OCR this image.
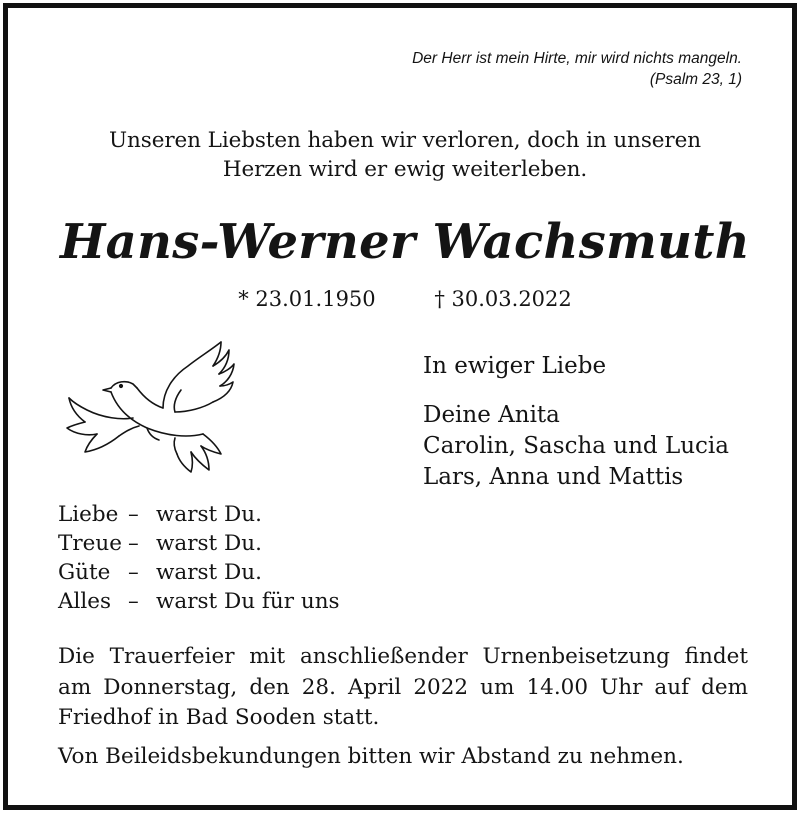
Der Herr ist mein Hirte, mir wird nichts mangeln.
(Psalm 23, 1)
Unseren Liebsten haben wir verloren, doch in unseren
Herzen wird er ewig weiterleben.
Hans-Werner Wachsmuth
* 23.01.1950	† 30.03.2022
In ewiger Liebe
Deine Anita
Carolin, Sascha und Lucia
Lars, Anna und Mattis
Liebe – warst Du.
Treue – warst Du.
Güte – warst Du.
Alles – warst Du für uns
Die Trauerfeier mit anschließender Urnenbeisetzung findet
am Donnerstag, den 28. April 2022 um 14.00 Uhr auf dem
Friedhof in Bad Sooden statt.
Von Beileidsbekundungen bitten wir Abstand zu nehmen.
